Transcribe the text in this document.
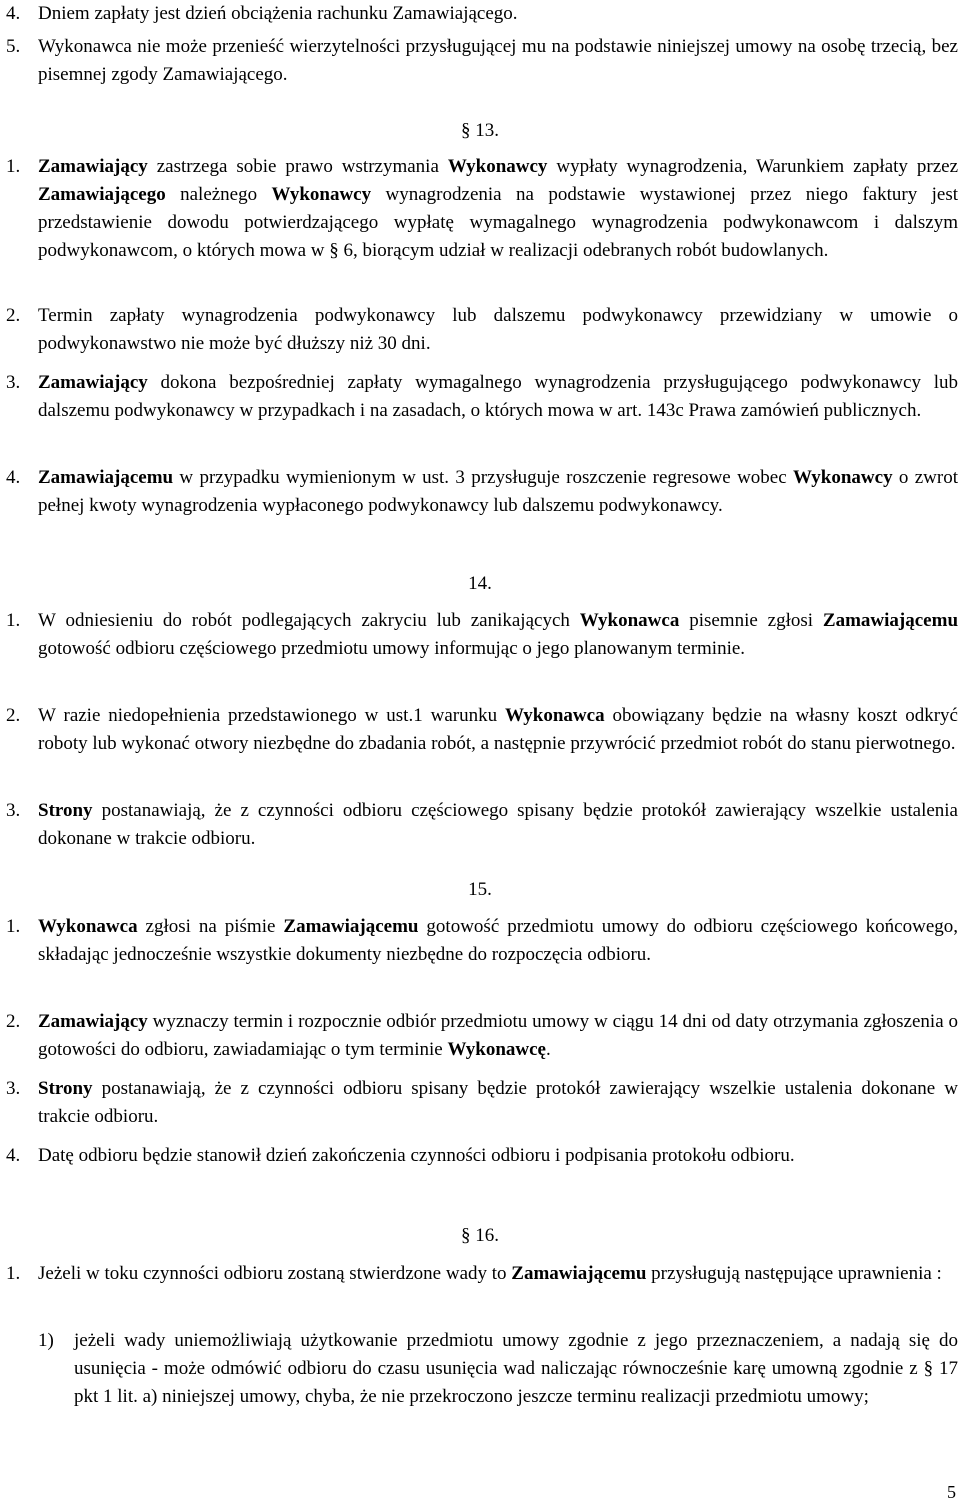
4. Dniem zapłaty jest dzień obciążenia rachunku Zamawiającego.
5. Wykonawca nie może przenieść wierzytelności przysługującej mu na podstawie niniejszej umowy na osobę trzecią, bez pisemnej zgody Zamawiającego.
§ 13.
1. Zamawiający zastrzega sobie prawo wstrzymania Wykonawcy wypłaty wynagrodzenia, Warunkiem zapłaty przez Zamawiającego należnego Wykonawcy wynagrodzenia na podstawie wystawionej przez niego faktury jest przedstawienie dowodu potwierdzającego wypłatę wymagalnego wynagrodzenia podwykonawcom i dalszym podwykonawcom, o których mowa w § 6, biorącym udział w realizacji odebranych robót budowlanych.
2. Termin zapłaty wynagrodzenia podwykonawcy lub dalszemu podwykonawcy przewidziany w umowie o podwykonawstwo nie może być dłuższy niż 30 dni.
3. Zamawiający dokona bezpośredniej zapłaty wymagalnego wynagrodzenia przysługującego podwykonawcy lub dalszemu podwykonawcy w przypadkach i na zasadach, o których mowa w art. 143c Prawa zamówień publicznych.
4. Zamawiającemu w przypadku wymienionym w ust. 3 przysługuje roszczenie regresowe wobec Wykonawcy o zwrot pełnej kwoty wynagrodzenia wypłaconego podwykonawcy lub dalszemu podwykonawcy.
14.
1. W odniesieniu do robót podlegających zakryciu lub zanikających Wykonawca pisemnie zgłosi Zamawiającemu gotowość odbioru częściowego przedmiotu umowy informując o jego planowanym terminie.
2. W razie niedopełnienia przedstawionego w ust.1 warunku Wykonawca obowiązany będzie na własny koszt odkryć roboty lub wykonać otwory niezbędne do zbadania robót, a następnie przywrócić przedmiot robót do stanu pierwotnego.
3. Strony postanawiają, że z czynności odbioru częściowego spisany będzie protokół zawierający wszelkie ustalenia dokonane w trakcie odbioru.
15.
1. Wykonawca zgłosi na piśmie Zamawiającemu gotowość przedmiotu umowy do odbioru częściowego końcowego, składając jednocześnie wszystkie dokumenty niezbędne do rozpoczęcia odbioru.
2. Zamawiający wyznaczy termin i rozpocznie odbiór przedmiotu umowy w ciągu 14 dni od daty otrzymania zgłoszenia o gotowości do odbioru, zawiadamiając o tym terminie Wykonawcę.
3. Strony postanawiają, że z czynności odbioru spisany będzie protokół zawierający wszelkie ustalenia dokonane w trakcie odbioru.
4. Datę odbioru będzie stanowił dzień zakończenia czynności odbioru i podpisania protokołu odbioru.
§ 16.
1. Jeżeli w toku czynności odbioru zostaną stwierdzone wady to Zamawiającemu przysługują następujące uprawnienia :
1) jeżeli wady uniemożliwiają użytkowanie przedmiotu umowy zgodnie z jego przeznaczeniem, a nadają się do usunięcia - może odmówić odbioru do czasu usunięcia wad naliczając równocześnie karę umowną zgodnie z § 17 pkt 1 lit. a) niniejszej umowy, chyba, że nie przekroczono jeszcze terminu realizacji przedmiotu umowy;
5
